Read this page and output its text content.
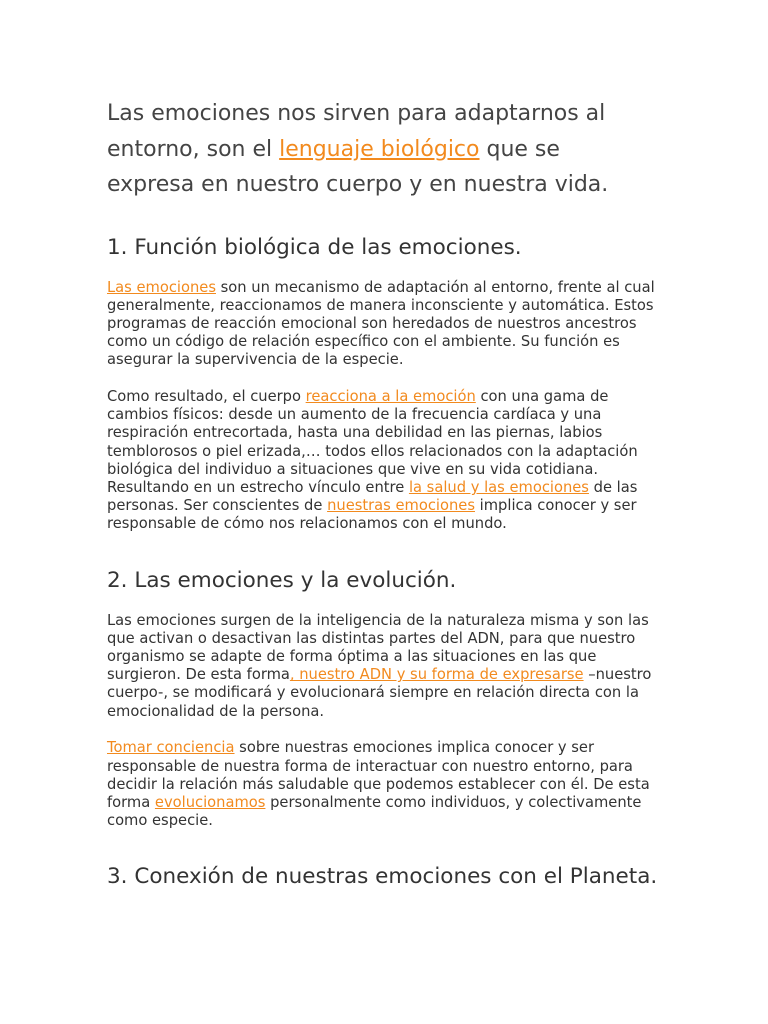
Las emociones nos sirven para adaptarnos al entorno, son el lenguaje biológico que se expresa en nuestro cuerpo y en nuestra vida.

1. Función biológica de las emociones.

Las emociones son un mecanismo de adaptación al entorno, frente al cual generalmente, reaccionamos de manera inconsciente y automática. Estos programas de reacción emocional son heredados de nuestros ancestros como un código de relación específico con el ambiente. Su función es asegurar la supervivencia de la especie.

Como resultado, el cuerpo reacciona a la emoción con una gama de cambios físicos: desde un aumento de la frecuencia cardíaca y una respiración entrecortada, hasta una debilidad en las piernas, labios temblorosos o piel erizada,… todos ellos relacionados con la adaptación biológica del individuo a situaciones que vive en su vida cotidiana. Resultando en un estrecho vínculo entre la salud y las emociones de las personas. Ser conscientes de nuestras emociones implica conocer y ser responsable de cómo nos relacionamos con el mundo.

2. Las emociones y la evolución.

Las emociones surgen de la inteligencia de la naturaleza misma y son las que activan o desactivan las distintas partes del ADN, para que nuestro organismo se adapte de forma óptima a las situaciones en las que surgieron. De esta forma, nuestro ADN y su forma de expresarse –nuestro cuerpo-, se modificará y evolucionará siempre en relación directa con la emocionalidad de la persona.

Tomar conciencia sobre nuestras emociones implica conocer y ser responsable de nuestra forma de interactuar con nuestro entorno, para decidir la relación más saludable que podemos establecer con él. De esta forma evolucionamos personalmente como individuos, y colectivamente como especie.

3. Conexión de nuestras emociones con el Planeta.
